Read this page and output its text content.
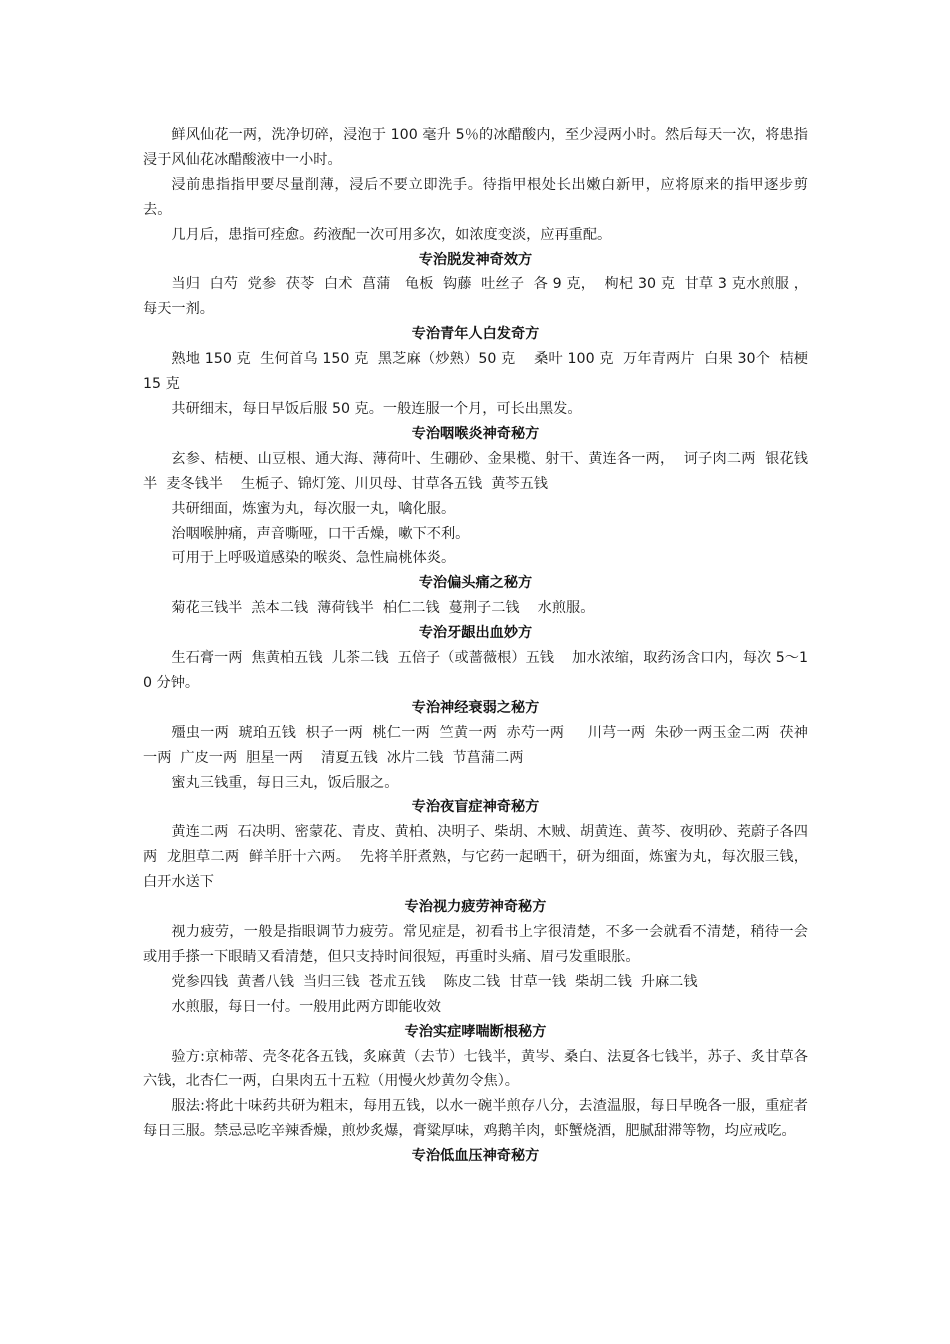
鲜风仙花一两，洗净切碎，浸泡于 100 毫升 5％的冰醋酸内，至少浸两小时。然后每天一次，将患指浸于风仙花冰醋酸液中一小时。

浸前患指指甲要尽量削薄，浸后不要立即洗手。待指甲根处长出嫩白新甲，应将原来的指甲逐步剪去。

几月后，患指可痊愈。药液配一次可用多次，如浓度变淡，应再重配。

专治脱发神奇效方

当归  白芍  党参  茯苓  白术  菖蒲   龟板  钩藤  吐丝子  各 9 克，  枸杞 30 克  甘草 3 克水煎服 ，每天一剂。

专治青年人白发奇方

熟地 150 克  生何首乌 150 克  黑芝麻（炒熟）50 克    桑叶 100 克  万年青两片  白果 30个  桔梗 15 克

共研细末，每日早饭后服 50 克。一般连服一个月，可长出黑发。

专治咽喉炎神奇秘方

玄参、桔梗、山豆根、通大海、薄荷叶、生硼砂、金果榄、射干、黄连各一两，  诃子肉二两  银花钱半  麦冬钱半    生栀子、锦灯笼、川贝母、甘草各五钱  黄芩五钱

共研细面，炼蜜为丸，每次服一丸，噙化服。

治咽喉肿痛，声音嘶哑，口干舌燥，嗽下不利。

可用于上呼吸道感染的喉炎、急性扁桃体炎。

专治偏头痛之秘方

菊花三钱半  羔本二钱  薄荷钱半  柏仁二钱  蔓荆子二钱    水煎服。

专治牙龈出血妙方

生石膏一两  焦黄柏五钱  儿茶二钱  五倍子（或蔷薇根）五钱    加水浓缩，取药汤含口内，每次 5～10 分钟。

专治神经衰弱之秘方

殭虫一两  琥珀五钱  枳子一两  桃仁一两  竺黄一两  赤芍一两     川芎一两  朱砂一两玉金二两  茯神一两  广皮一两  胆星一两    清夏五钱  冰片二钱  节菖蒲二两

蜜丸三钱重，每日三丸，饭后服之。

专治夜盲症神奇秘方

黄连二两  石决明、密蒙花、青皮、黄柏、决明子、柴胡、木贼、胡黄连、黄芩、夜明砂、茺蔚子各四两  龙胆草二两  鲜羊肝十六两。  先将羊肝煮熟，与它药一起晒干，研为细面，炼蜜为丸，每次服三钱，白开水送下

专治视力疲劳神奇秘方

视力疲劳，一般是指眼调节力疲劳。常见症是，初看书上字很清楚，不多一会就看不清楚，稍待一会或用手搽一下眼睛又看清楚，但只支持时间很短，再重时头痛、眉弓发重眼胀。

党参四钱  黄耆八钱  当归三钱  苍朮五钱    陈皮二钱  甘草一钱  柴胡二钱  升麻二钱

水煎服，每日一付。一般用此两方即能收效

专治实症哮喘断根秘方

验方:京柿蒂、壳冬花各五钱，炙麻黄（去节）七钱半，黄岑、桑白、法夏各七钱半，苏子、炙甘草各六钱，北杏仁一两，白果肉五十五粒（用慢火炒黄勿令焦）。

服法:将此十味药共研为粗末，每用五钱，以水一碗半煎存八分，去渣温服，每日早晚各一服，重症者每日三服。禁忌忌吃辛辣香燥，煎炒炙爆，膏粱厚味，鸡鹅羊肉，虾蟹烧酒，肥腻甜滞等物，均应戒吃。

专治低血压神奇秘方
